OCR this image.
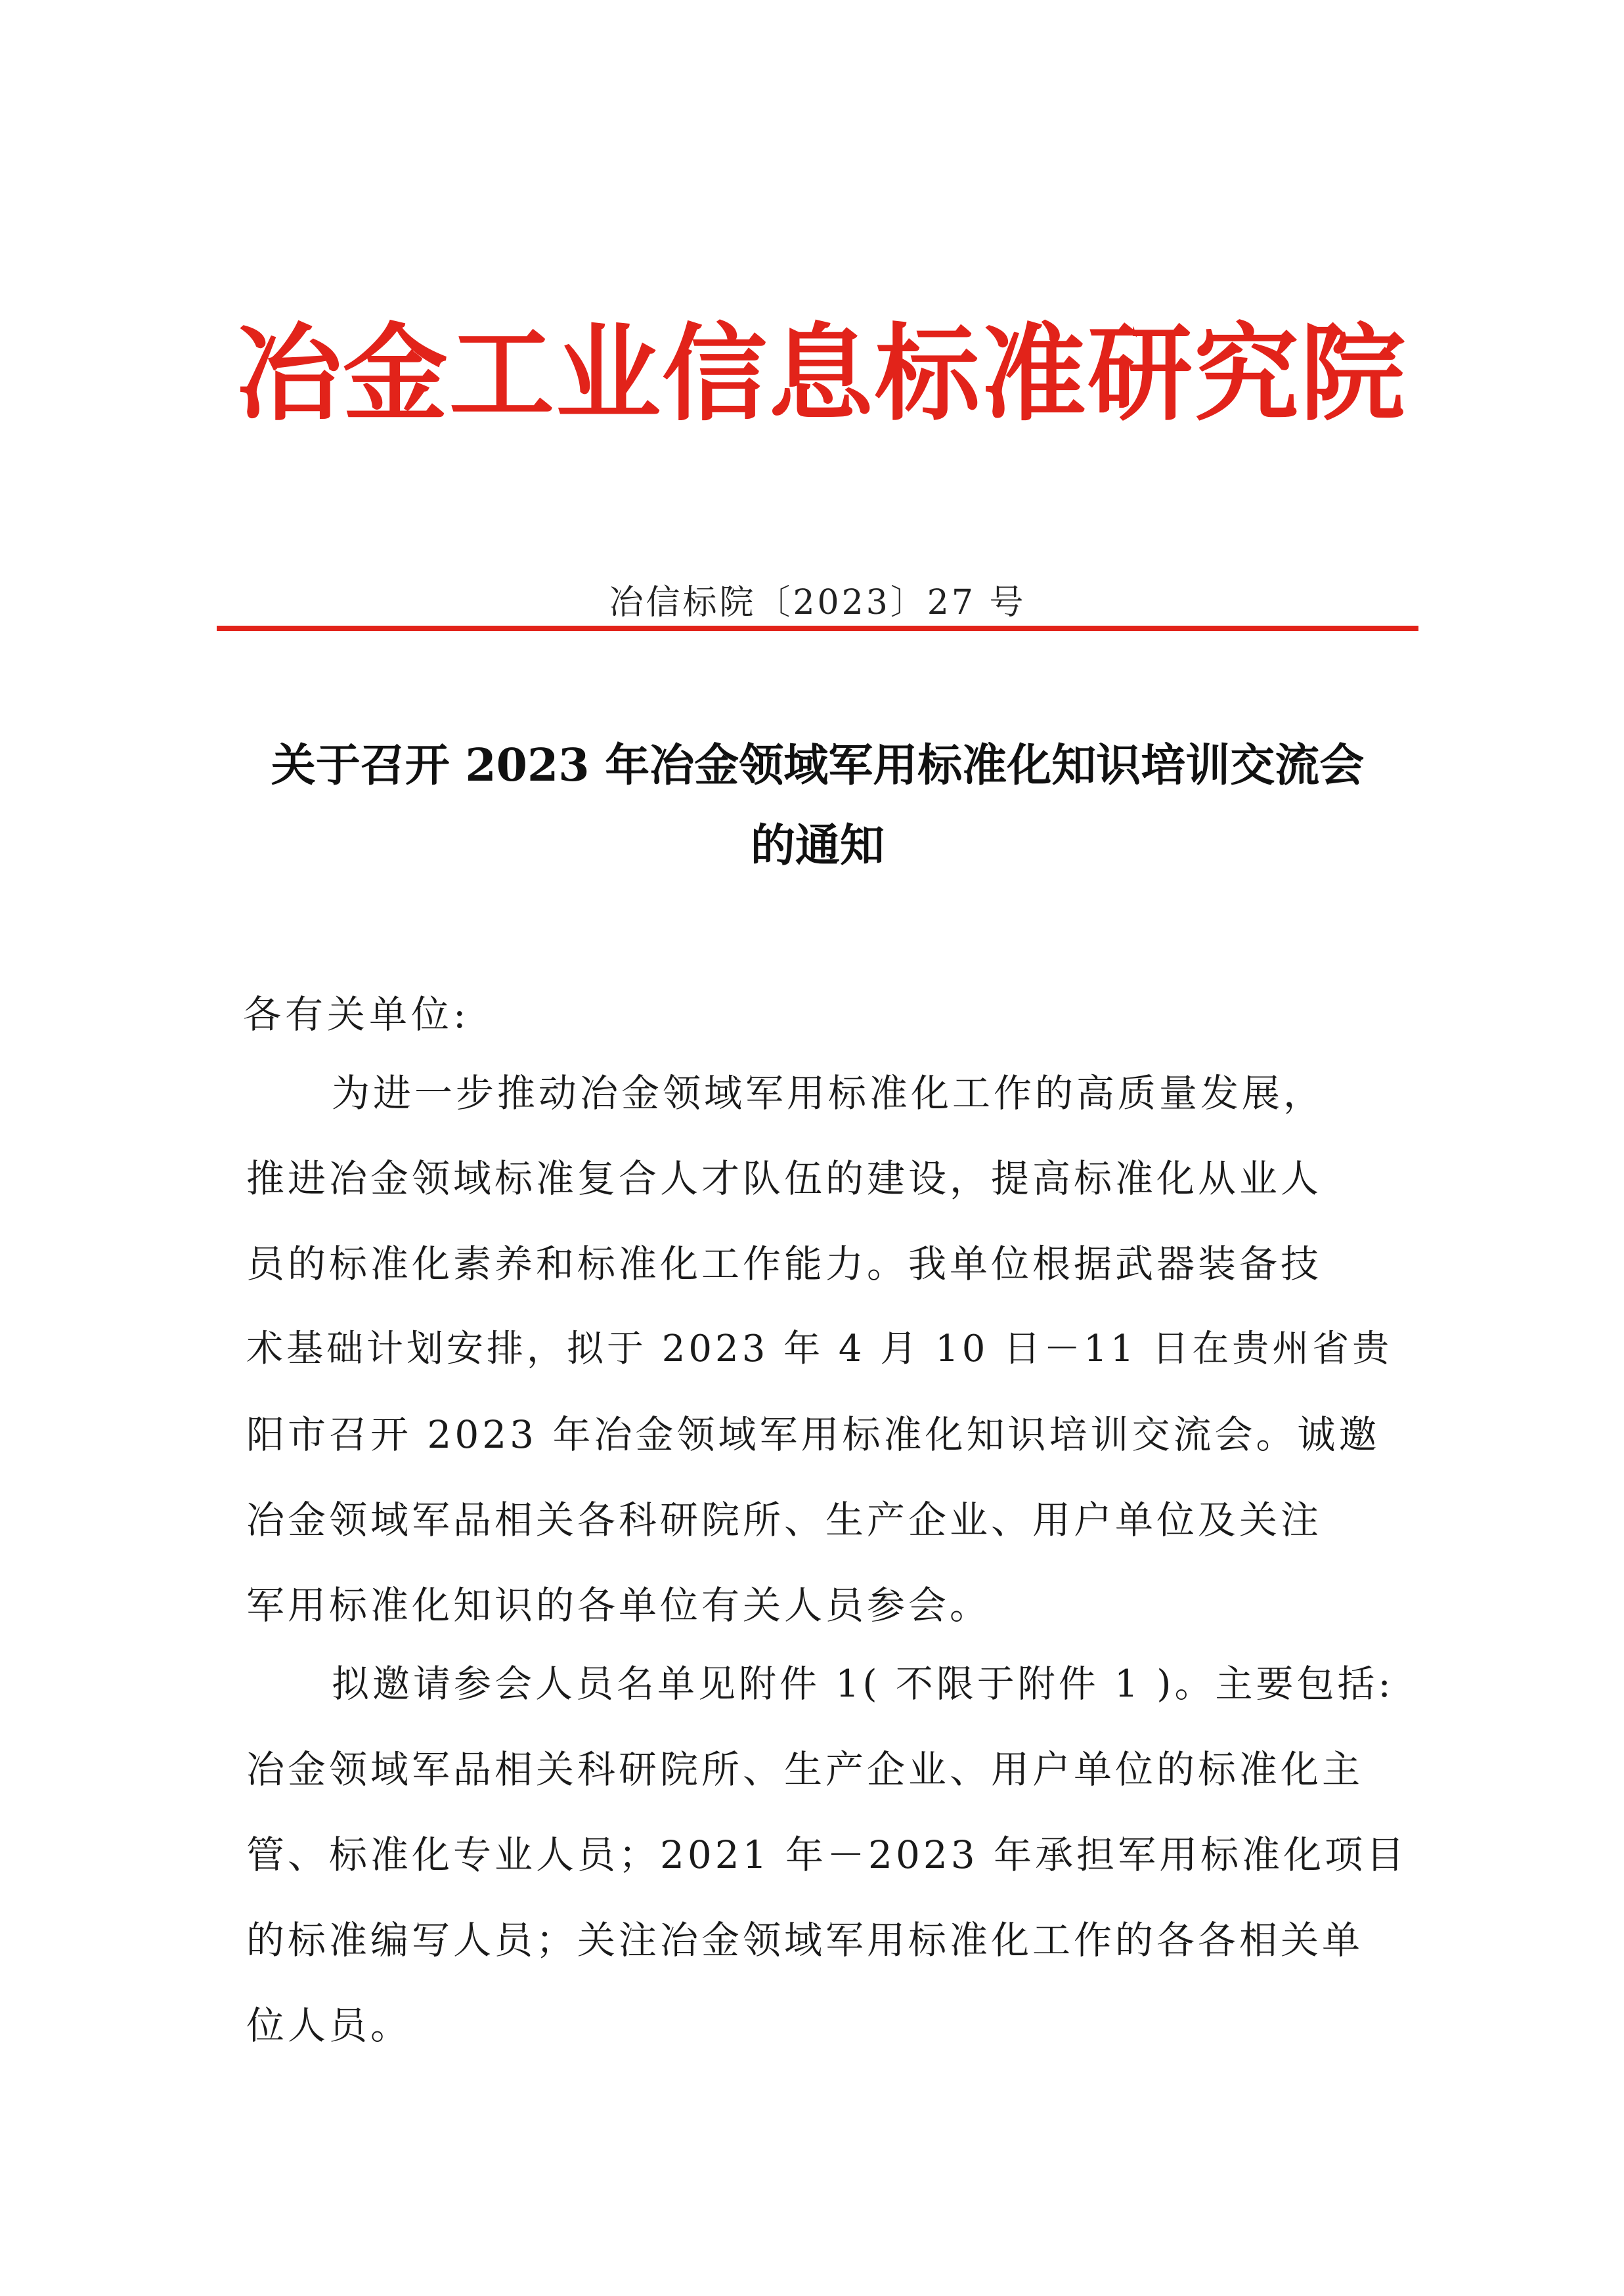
冶金工业信息标准研究院
冶信标院〔2023〕27 号
关于召开 2023 年冶金领域军用标准化知识培训交流会
的通知
各有关单位:
为进一步推动冶金领域军用标准化工作的高质量发展，
推进冶金领域标准复合人才队伍的建设，提高标准化从业人
员的标准化素养和标准化工作能力。我单位根据武器装备技
术基础计划安排，拟于 2023 年 4 月 10 日－11 日在贵州省贵
阳市召开 2023 年冶金领域军用标准化知识培训交流会。诚邀
冶金领域军品相关各科研院所、生产企业、用户单位及关注
军用标准化知识的各单位有关人员参会。
拟邀请参会人员名单见附件 1( 不限于附件 1 )。主要包括:
冶金领域军品相关科研院所、生产企业、用户单位的标准化主
管、标准化专业人员；2021 年－2023 年承担军用标准化项目
的标准编写人员；关注冶金领域军用标准化工作的各各相关单
位人员。
